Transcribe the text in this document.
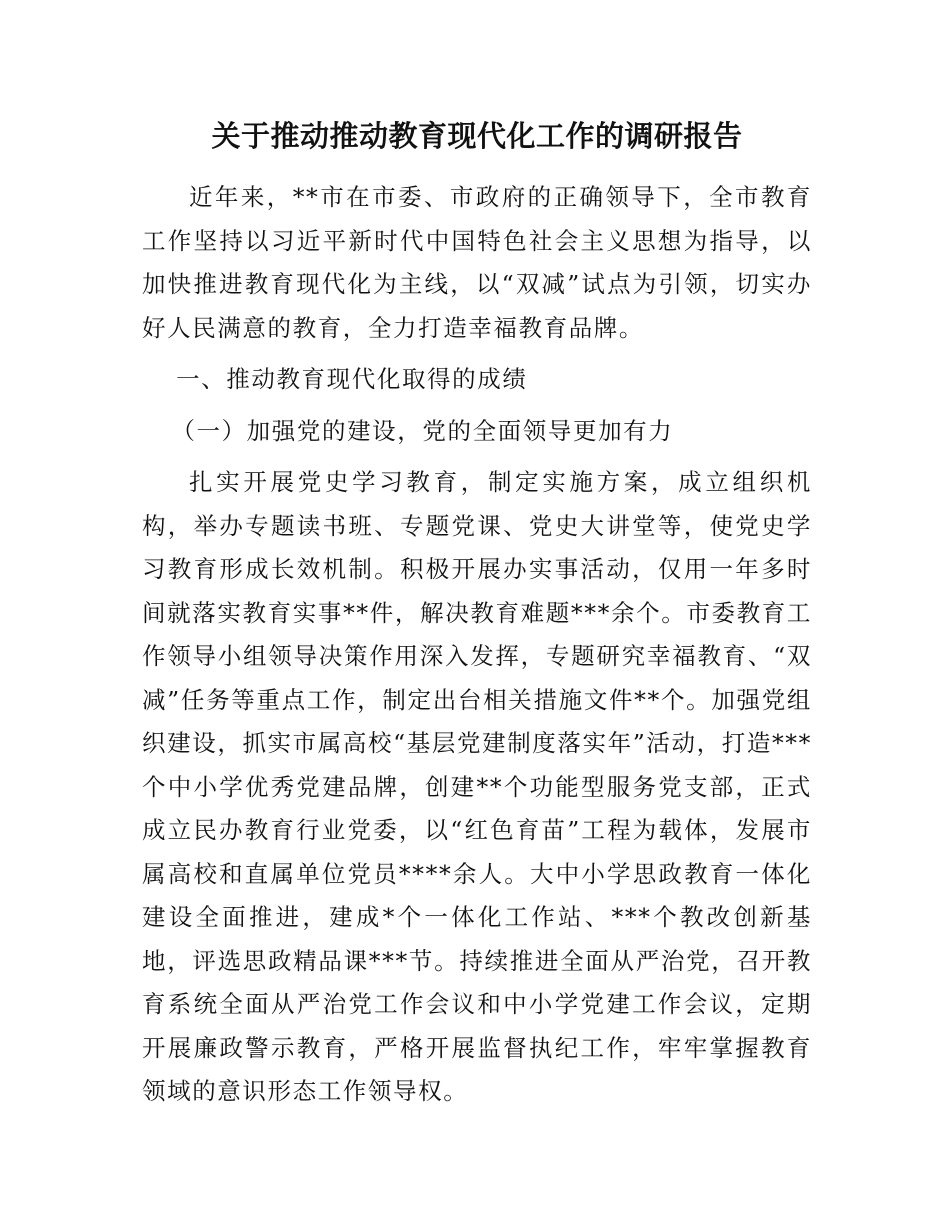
关于推动推动教育现代化工作的调研报告

近年来，**市在市委、市政府的正确领导下，全市教育工作坚持以习近平新时代中国特色社会主义思想为指导，以加快推进教育现代化为主线，以“双减”试点为引领，切实办好人民满意的教育，全力打造幸福教育品牌。

一、推动教育现代化取得的成绩

（一）加强党的建设，党的全面领导更加有力

扎实开展党史学习教育，制定实施方案，成立组织机构，举办专题读书班、专题党课、党史大讲堂等，使党史学习教育形成长效机制。积极开展办实事活动，仅用一年多时间就落实教育实事**件，解决教育难题***余个。市委教育工作领导小组领导决策作用深入发挥，专题研究幸福教育、“双减”任务等重点工作，制定出台相关措施文件**个。加强党组织建设，抓实市属高校“基层党建制度落实年”活动，打造***个中小学优秀党建品牌，创建**个功能型服务党支部，正式成立民办教育行业党委，以“红色育苗”工程为载体，发展市属高校和直属单位党员****余人。大中小学思政教育一体化建设全面推进，建成*个一体化工作站、***个教改创新基地，评选思政精品课***节。持续推进全面从严治党，召开教育系统全面从严治党工作会议和中小学党建工作会议，定期开展廉政警示教育，严格开展监督执纪工作，牢牢掌握教育领域的意识形态工作领导权。
